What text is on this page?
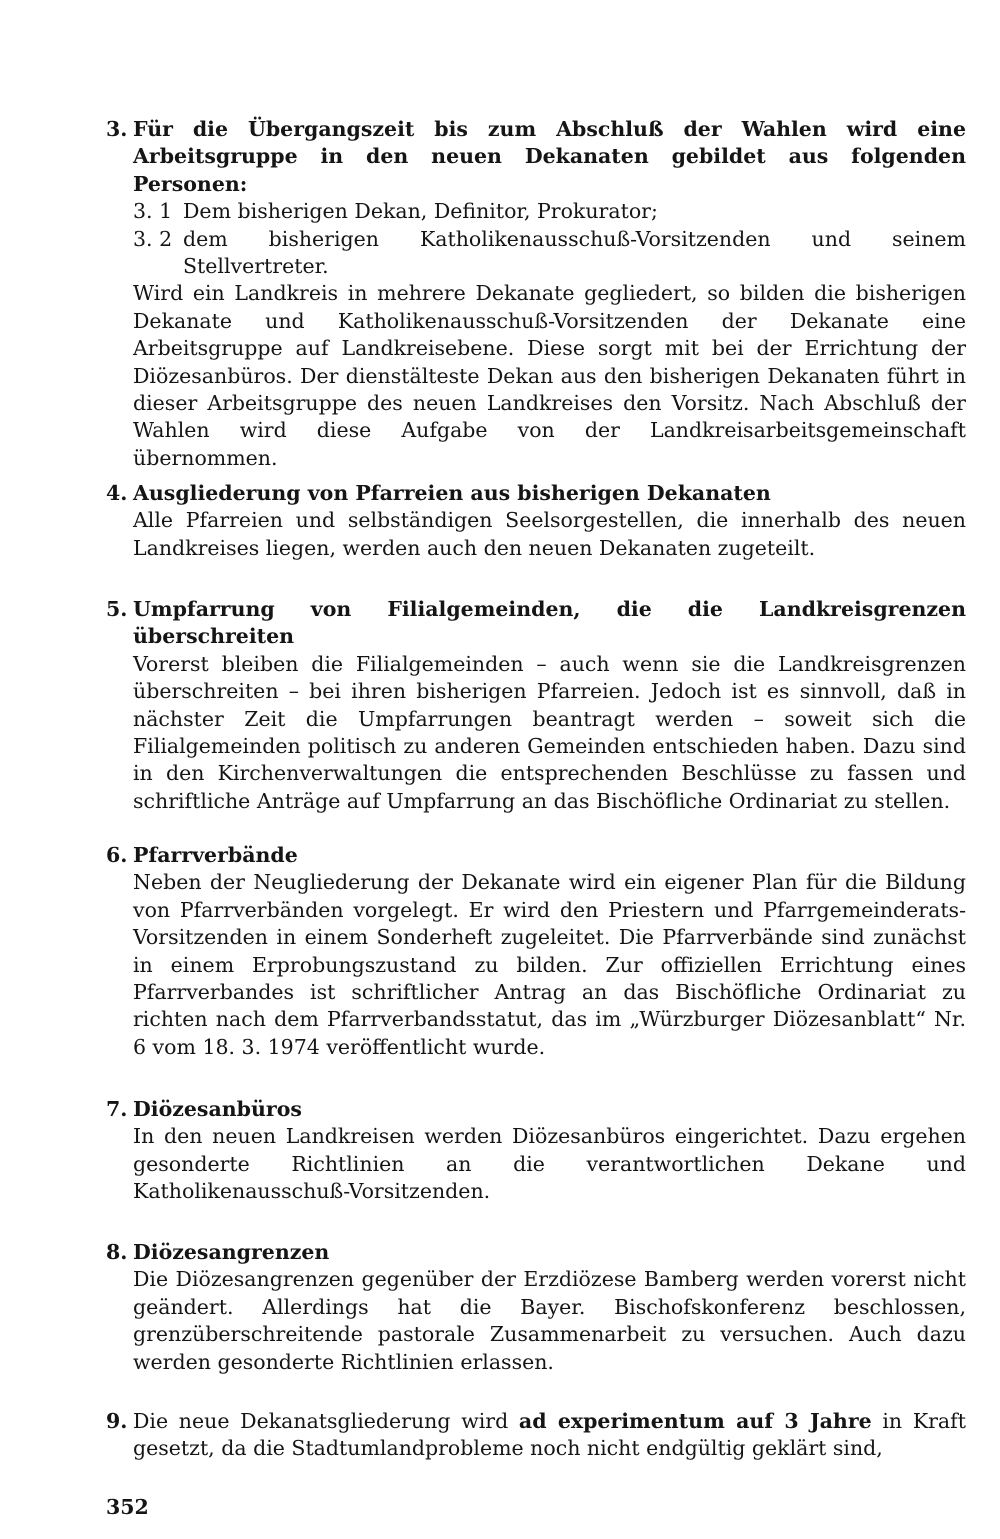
3. Für die Übergangszeit bis zum Abschluß der Wahlen wird eine Arbeitsgruppe in den neuen Dekanaten gebildet aus folgenden Personen:
3. 1 Dem bisherigen Dekan, Definitor, Prokurator;
3. 2 dem bisherigen Katholikenausschuß-Vorsitzenden und seinem Stellvertreter.
Wird ein Landkreis in mehrere Dekanate gegliedert, so bilden die bisherigen Dekanate und Katholikenausschuß-Vorsitzenden der Dekanate eine Arbeitsgruppe auf Landkreisebene. Diese sorgt mit bei der Errichtung der Diözesanbüros. Der dienstälteste Dekan aus den bisherigen Dekanaten führt in dieser Arbeitsgruppe des neuen Landkreises den Vorsitz. Nach Abschluß der Wahlen wird diese Aufgabe von der Landkreisarbeitsgemeinschaft übernommen.
4. Ausgliederung von Pfarreien aus bisherigen Dekanaten
Alle Pfarreien und selbständigen Seelsorgestellen, die innerhalb des neuen Landkreises liegen, werden auch den neuen Dekanaten zugeteilt.
5. Umpfarrung von Filialgemeinden, die die Landkreisgrenzen überschreiten
Vorerst bleiben die Filialgemeinden – auch wenn sie die Landkreisgrenzen überschreiten – bei ihren bisherigen Pfarreien. Jedoch ist es sinnvoll, daß in nächster Zeit die Umpfarrungen beantragt werden – soweit sich die Filialgemeinden politisch zu anderen Gemeinden entschieden haben. Dazu sind in den Kirchenverwaltungen die entsprechenden Beschlüsse zu fassen und schriftliche Anträge auf Umpfarrung an das Bischöfliche Ordinariat zu stellen.
6. Pfarrverbände
Neben der Neugliederung der Dekanate wird ein eigener Plan für die Bildung von Pfarrverbänden vorgelegt. Er wird den Priestern und Pfarrgemeinderats-Vorsitzenden in einem Sonderheft zugeleitet. Die Pfarrverbände sind zunächst in einem Erprobungszustand zu bilden. Zur offiziellen Errichtung eines Pfarrverbandes ist schriftlicher Antrag an das Bischöfliche Ordinariat zu richten nach dem Pfarrverbandsstatut, das im „Würzburger Diözesanblatt“ Nr. 6 vom 18. 3. 1974 veröffentlicht wurde.
7. Diözesanbüros
In den neuen Landkreisen werden Diözesanbüros eingerichtet. Dazu ergehen gesonderte Richtlinien an die verantwortlichen Dekane und Katholikenausschuß-Vorsitzenden.
8. Diözesangrenzen
Die Diözesangrenzen gegenüber der Erzdiözese Bamberg werden vorerst nicht geändert. Allerdings hat die Bayer. Bischofskonferenz beschlossen, grenzüberschreitende pastorale Zusammenarbeit zu versuchen. Auch dazu werden gesonderte Richtlinien erlassen.
9. Die neue Dekanatsgliederung wird ad experimentum auf 3 Jahre in Kraft gesetzt, da die Stadtumlandprobleme noch nicht endgültig geklärt sind,
352
